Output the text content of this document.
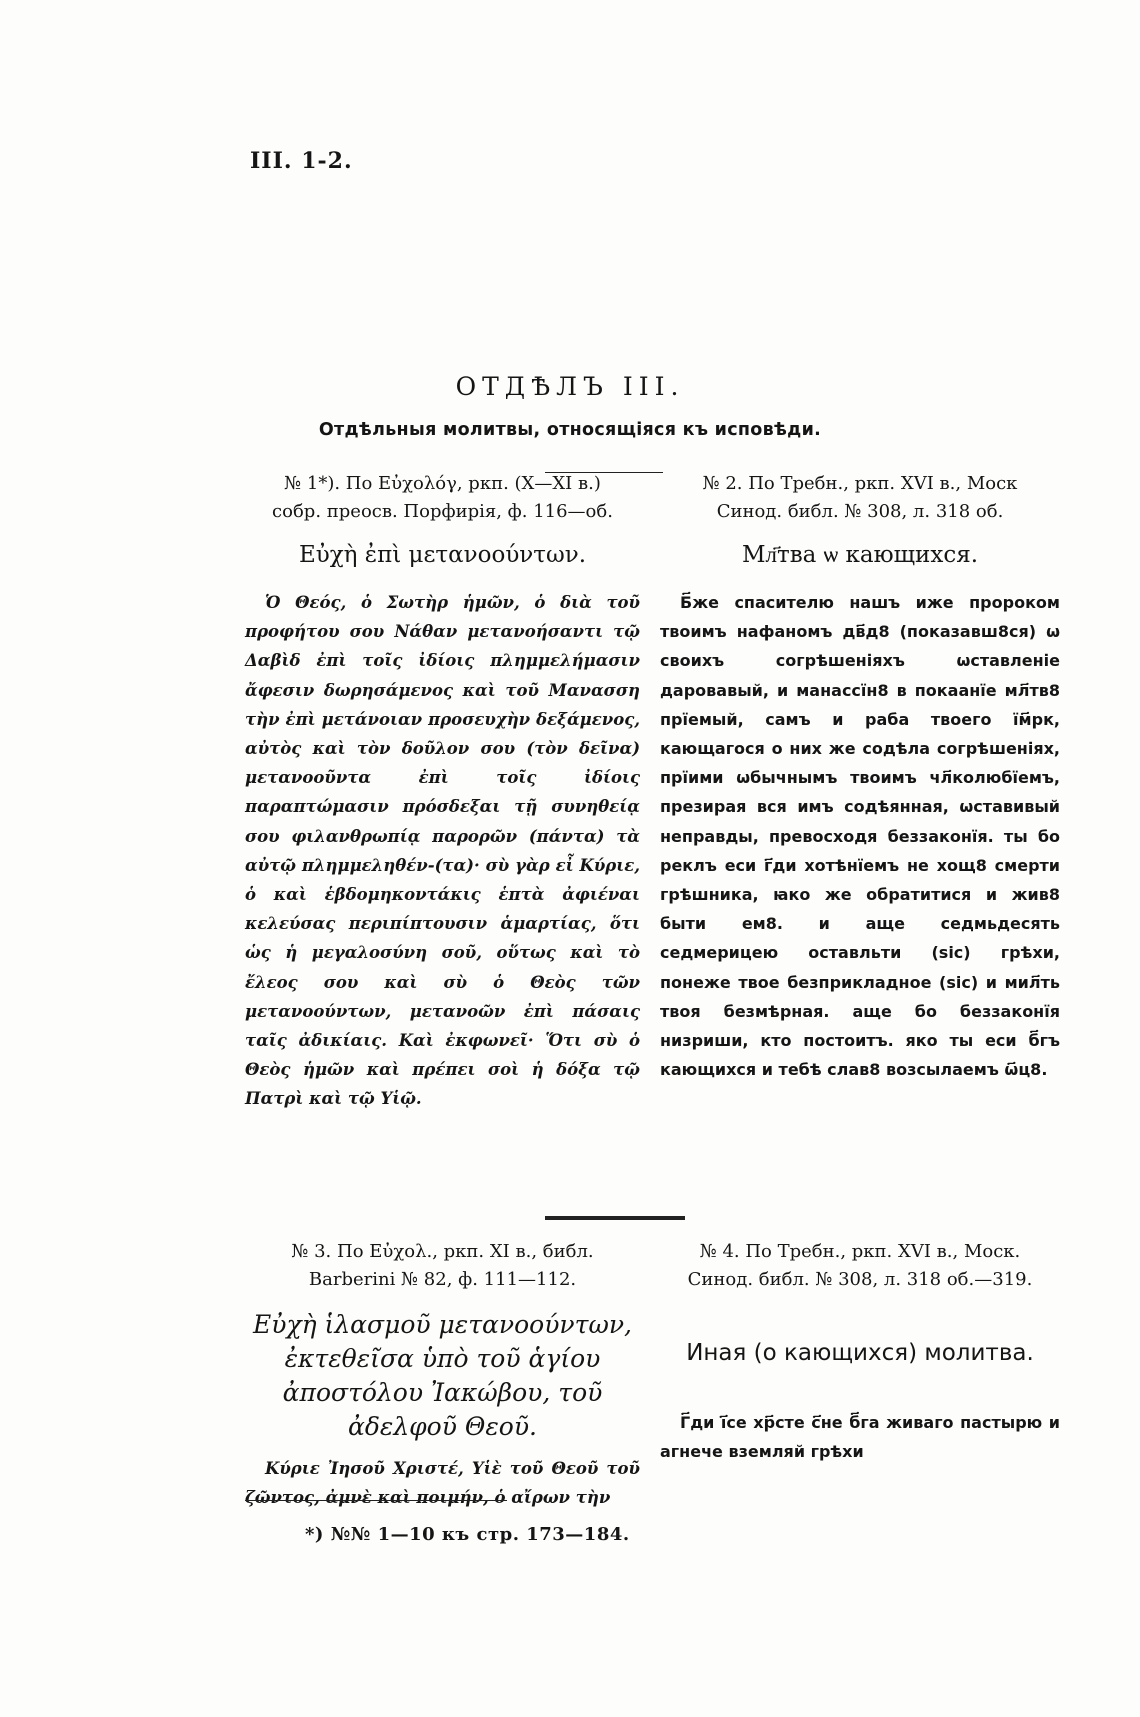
III. 1-2.
ОТДѢЛЪ III.
Отдѣльныя молитвы, относящіяся къ исповѣди.
№ 1*). По Εὐχολόγ, ркп. (X—XI в.)
собр. преосв. Порфирія, ф. 116—об.
Εὐχὴ ἐπὶ μετανοούντων.
Ὁ Θεός, ὁ Σωτὴρ ἡμῶν, ὁ διὰ τοῦ προφήτου σου Νάθαν μετανοήσαντι τῷ Δαβὶδ ἐπὶ τοῖς ἰδίοις πλημμελήμασιν ἄφεσιν δωρησάμενος καὶ τοῦ Μανασση τὴν ἐπὶ μετάνοιαν προσευχὴν δεξάμενος, αὐτὸς καὶ τὸν δοῦλον σου (τὸν δεῖνα) μετανοοῦντα ἐπὶ τοῖς ἰδίοις παραπτώμασιν πρόσδεξαι τῇ συνηθείᾳ σου φιλανθρωπίᾳ παρορῶν (πάντα) τὰ αὐτῷ πλημμεληθέν-(τα)· σὺ γὰρ εἶ Κύριε, ὁ καὶ ἑβδομηκοντάκις ἑπτὰ ἀφιέναι κελεύσας περιπίπτουσιν ἁμαρτίας, ὅτι ὡς ἡ μεγαλοσύνη σοῦ, οὕτως καὶ τὸ ἔλεος σου καὶ σὺ ὁ Θεὸς τῶν μετανοούντων, μετανοῶν ἐπὶ πάσαις ταῖς ἀδικίαις. Καὶ ἐκφωνεῖ· Ὅτι σὺ ὁ Θεὸς ἡμῶν καὶ πρέπει σοὶ ἡ δόξα τῷ Πατρὶ καὶ τῷ Υἱῷ.
№ 2. По Требн., ркп. XVI в., Моск
Синод. библ. № 308, л. 318 об.
Мл҃тва ѡ кающихся.
Б҃же спасителю нашъ иже пророком твоимъ нафаномъ дв҃д8 (показавш8ся) ѡ своихъ согрѣшеніяхъ ѡставленіе даровавый, и манассїн8 в покаанїе мл҃тв8 прїемый, самъ и раба твоего їм҃рк, кающагося о них же содѣла согрѣшеніях, прїими ѡбычнымъ твоимъ чл҃колюбїемъ, презирая вся имъ содѣянная, ѡставивый неправды, превосходя беззаконїя. ты бо реклъ еси г҃ди хотѣнїемъ не хощ8 смерти грѣшника, ꙗко же обратитися и жив8 быти ем8. и аще седмьдесять седмерицею оставльти (sic) грѣхи, понеже твое безприкладное (sic) и мил҃ть твоя безмѣрная. аще бо беззаконїя низриши, кто постоитъ. яко ты еси б҃гъ кающихся и тебѣ слав8 возсылаемъ ѡ҃ц8.
№ 3. По Εὐχολ., ркп. XI в., библ.
Barberini № 82, ф. 111—112.
Εὐχὴ ἱλασμοῦ μετανοούντων, ἐκτεθεῖσα ὑπὸ τοῦ ἁγίου ἀποστόλου Ἰακώβου, τοῦ ἀδελφοῦ Θεοῦ.
Κύριε Ἰησοῦ Χριστέ, Υἱὲ τοῦ Θεοῦ τοῦ ζῶντος, ἀμνὲ καὶ ποιμήν, ὁ αἴρων τὴν
№ 4. По Требн., ркп. XVI в., Моск.
Синод. библ. № 308, л. 318 об.—319.
Иная (о кающихся) молитва.
Г҃ди і҃се хр҃сте с҃не б҃га живаго пастырю и агнече вземляй грѣхи
*) №№ 1—10 къ стр. 173—184.
